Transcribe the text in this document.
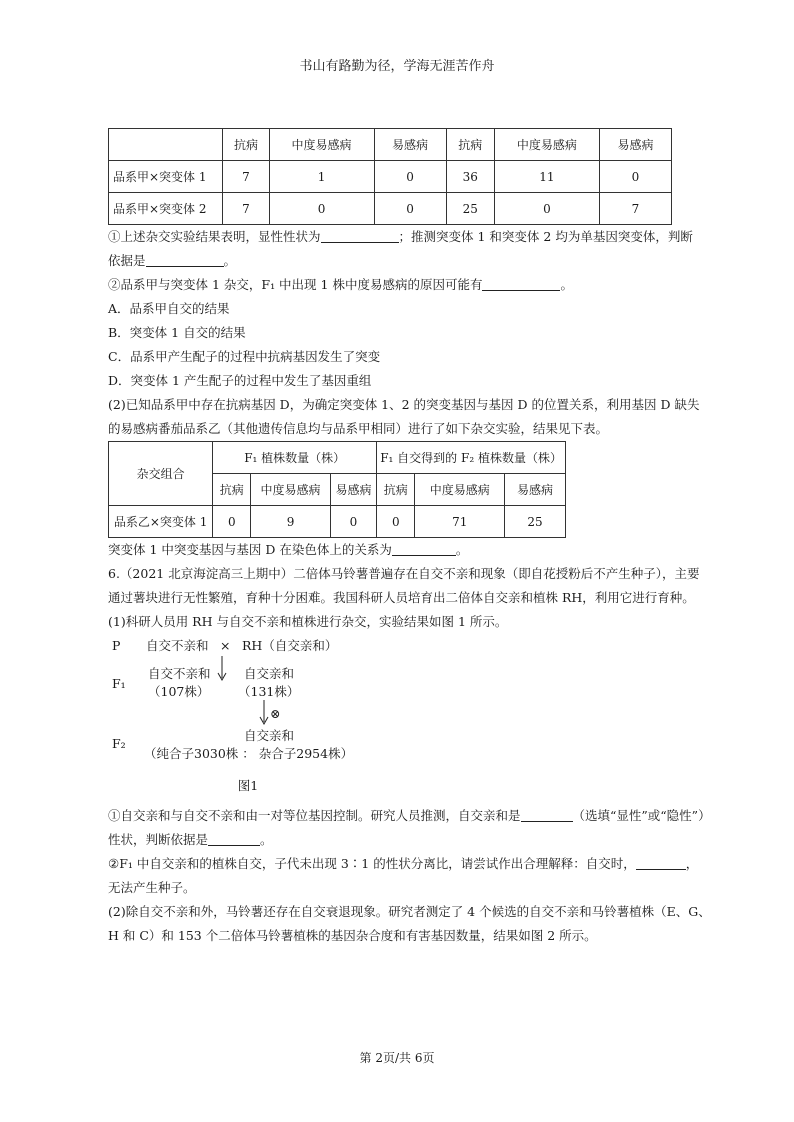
书山有路勤为径，学海无涯苦作舟
	抗病	中度易感病	易感病	抗病	中度易感病	易感病
品系甲×突变体 1	7	1	0	36	11	0
品系甲×突变体 2	7	0	0	25	0	7
①上述杂交实验结果表明，显性性状为	；推测突变体 1 和突变体 2 均为单基因突变体，判断
依据是	。
②品系甲与突变体 1 杂交，F₁ 中出现 1 株中度易感病的原因可能有	。
A．品系甲自交的结果
B．突变体 1 自交的结果
C．品系甲产生配子的过程中抗病基因发生了突变
D．突变体 1 产生配子的过程中发生了基因重组
(2)已知品系甲中存在抗病基因 D，为确定突变体 1、2 的突变基因与基因 D 的位置关系，利用基因 D 缺失
的易感病番茄品系乙（其他遗传信息均与品系甲相同）进行了如下杂交实验，结果见下表。
杂交组合	F₁ 植株数量（株）			F₁ 自交得到的 F₂ 植株数量（株）		
	抗病	中度易感病	易感病	抗病	中度易感病	易感病
品系乙×突变体 1	0	9	0	0	71	25
突变体 1 中突变基因与基因 D 在染色体上的关系为	。
6.（2021 北京海淀高三上期中）二倍体马铃薯普遍存在自交不亲和现象（即自花授粉后不产生种子），主要
通过薯块进行无性繁殖，育种十分困难。我国科研人员培育出二倍体自交亲和植株 RH，利用它进行育种。
(1)科研人员用 RH 与自交不亲和植株进行杂交，实验结果如图 1 所示。
P 自交不亲和 × RH（自交亲和）
F₁
自交不亲和
（107株）
自交亲和
（131株）
⊗
F₂
自交亲和
（纯合子3030株 ： 杂合子2954株）
图1
①自交亲和与自交不亲和由一对等位基因控制。研究人员推测，自交亲和是	（选填“显性”或“隐性”）
性状，判断依据是	。
②F₁ 中自交亲和的植株自交，子代未出现 3∶1 的性状分离比，请尝试作出合理解释：自交时，	，
无法产生种子。
(2)除自交不亲和外，马铃薯还存在自交衰退现象。研究者测定了 4 个候选的自交不亲和马铃薯植株（E、G、
H 和 C）和 153 个二倍体马铃薯植株的基因杂合度和有害基因数量，结果如图 2 所示。
第 2页/共 6页
